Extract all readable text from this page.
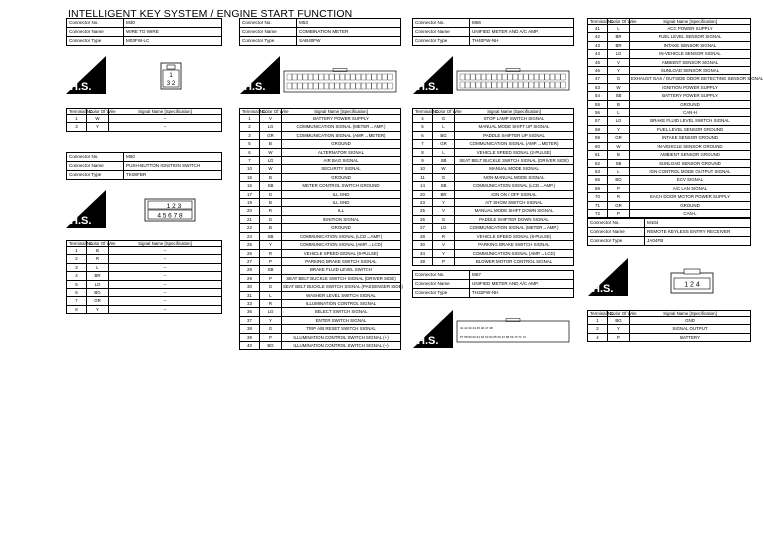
INTELLIGENT KEY SYSTEM / ENGINE START FUNCTION
Connector No.	M30
Connector Name	WIRE TO WIRE
Connector Type	M03FW-LC
H.S.
1
3 2
Terminal No.	Color Of Wire	Signal Name [Specification]
1	W	–
3	Y	–
Connector No.	M50
Connector Name	PUSH-BUTTON IGNITION SWITCH
Connector Type	TK08FBR
H.S.
1 2 3
4 5 6 7 8
Terminal No.	Color Of Wire	Signal Name [Specification]
1	B	–
2	R	–
3	L	–
4	BR	–
5	LG	–
6	BG	–
7	GR	–
8	Y	–
Connector No.	M53
Connector Name	COMBINATION METER
Connector Type	SAB40FW
H.S.
Terminal No.	Color Of Wire	Signal Name [Specification]
1	V	BATTERY POWER SUPPLY
2	LG	COMMUNICATION SIGNAL (METER→AMP.)
3	GR	COMMUNICATION SIGNAL (AMP.→METER)
5	B	GROUND
6	W	ALTERNATOR SIGNAL
7	LG	AIR BAG SIGNAL
10	W	SECURITY SIGNAL
15	B	GROUND
16	SB	METER CONTROL SWITCH GROUND
17	G	ILL GND
19	B	ILL GND
20	R	ILL
21	G	IGNITION SIGNAL
22	B	GROUND
24	SB	COMMUNICATION SIGNAL (LCD→AMP.)
25	Y	COMMUNICATION SIGNAL (AMP.→LCD)
26	R	VEHICLE SPEED SIGNAL (8-PULSE)
27	P	PARKING BRAKE SWITCH SIGNAL
28	SB	BRAKE FLUID LEVEL SWITCH
29	P	SEAT BELT BUCKLE SWITCH SIGNAL (DRIVER SIDE)
30	G	SEAT BELT BUCKLE SWITCH SIGNAL (PASSENGER SIDE)
31	L	WASHER LEVEL SWITCH SIGNAL
33	R	ILLUMINATION CONTROL SIGNAL
36	LG	SELECT SWITCH SIGNAL
37	Y	ENTER SWITCH SIGNAL
38	G	TRIP A/B RESET SWITCH SIGNAL
39	P	ILLUMINATION CONTROL SWITCH SIGNAL (+)
40	BG	ILLUMINATION CONTROL SWITCH SIGNAL (–)
Connector No.	M66
Connector Name	UNIFIED METER AND A/C AMP.
Connector Type	TH40FW-NH
H.S.
Terminal No.	Color Of Wire	Signal Name [Specification]
4	G	STOP LAMP SWITCH SIGNAL
5	L	MANUAL MODE SHIFT UP SIGNAL
6	BG	PADDLE SHIFTER UP SIGNAL
7	GR	COMMUNICATION SIGNAL (AMP.→METER)
8	L	VEHICLE SPEED SIGNAL (2-PULSE)
9	SB	SEAT BELT BUCKLE SWITCH SIGNAL (DRIVER SIDE)
10	W	MANUAL MODE SIGNAL
11	G	NON-MANUAL MODE SIGNAL
14	SB	COMMUNICATION SIGNAL (LCD→AMP.)
20	BR	ION ON / OFF SIGNAL
23	Y	A/T SHOW SWITCH SIGNAL
25	V	MANUAL MODE SHIFT DOWN SIGNAL
26	G	PADDLE SHIFTER DOWN SIGNAL
27	LG	COMMUNICATION SIGNAL (METER→AMP.)
28	R	VEHICLE SPEED SIGNAL (8-PULSE)
30	V	PARKING BRAKE SWITCH SIGNAL
34	Y	COMMUNICATION SIGNAL (AMP.→LCD)
38	P	BLOWER MOTOR CONTROL SIGNAL
Connector No.	M67
Connector Name	UNIFIED METER AND A/C AMP.
Connector Type	TH32FW-NH
H.S.
41 42 43 44 45 46 47 48
57 58 59 60 61 62 63 64 65 66 67 68 69 70 71 72
Terminal No.	Color Of Wire	Signal Name [Specification]
41	L	ACC POWER SUPPLY
42	BR	FUEL LEVEL SENSOR SIGNAL
43	BR	INTAKE SENSOR SIGNAL
44	LG	IN-VEHICLE SENSOR SIGNAL
45	V	AMBIENT SENSOR SIGNAL
46	Y	SUNLOAD SENSOR SIGNAL
47	G	EXHAUST GAS / OUTSIDE ODOR DETECTING SENSOR SIGNAL
53	W	IGNITION POWER SUPPLY
54	SB	BATTERY POWER SUPPLY
55	B	GROUND
56	L	CAN-H
57	LG	BRAKE FLUID LEVEL SWITCH SIGNAL
58	Y	FUEL LEVEL SENSOR GROUND
59	GR	INTAKE SENSOR GROUND
60	W	IN-VEHICLE SENSOR GROUND
61	B	AMBIENT SENSOR GROUND
62	SB	SUNLOAD SENSOR GROUND
63	L	IGN CONTROL MODE OUTPUT SIGNAL
65	BG	ECV SIGNAL
69	P	A/C LAN SIGNAL
70	R	EACH DOOR MOTOR POWER SUPPLY
71	GR	GROUND
72	P	CAN-L
Connector No.	M104
Connector Name	REMOTE KEYLESS ENTRY RECEIVER
Connector Type	JA04FB
H.S.	1 2 4
Terminal No.	Color Of Wire	Signal Name [Specification]
1	BG	GND
2	Y	SIGNAL OUTPUT
4	P	BATTERY
